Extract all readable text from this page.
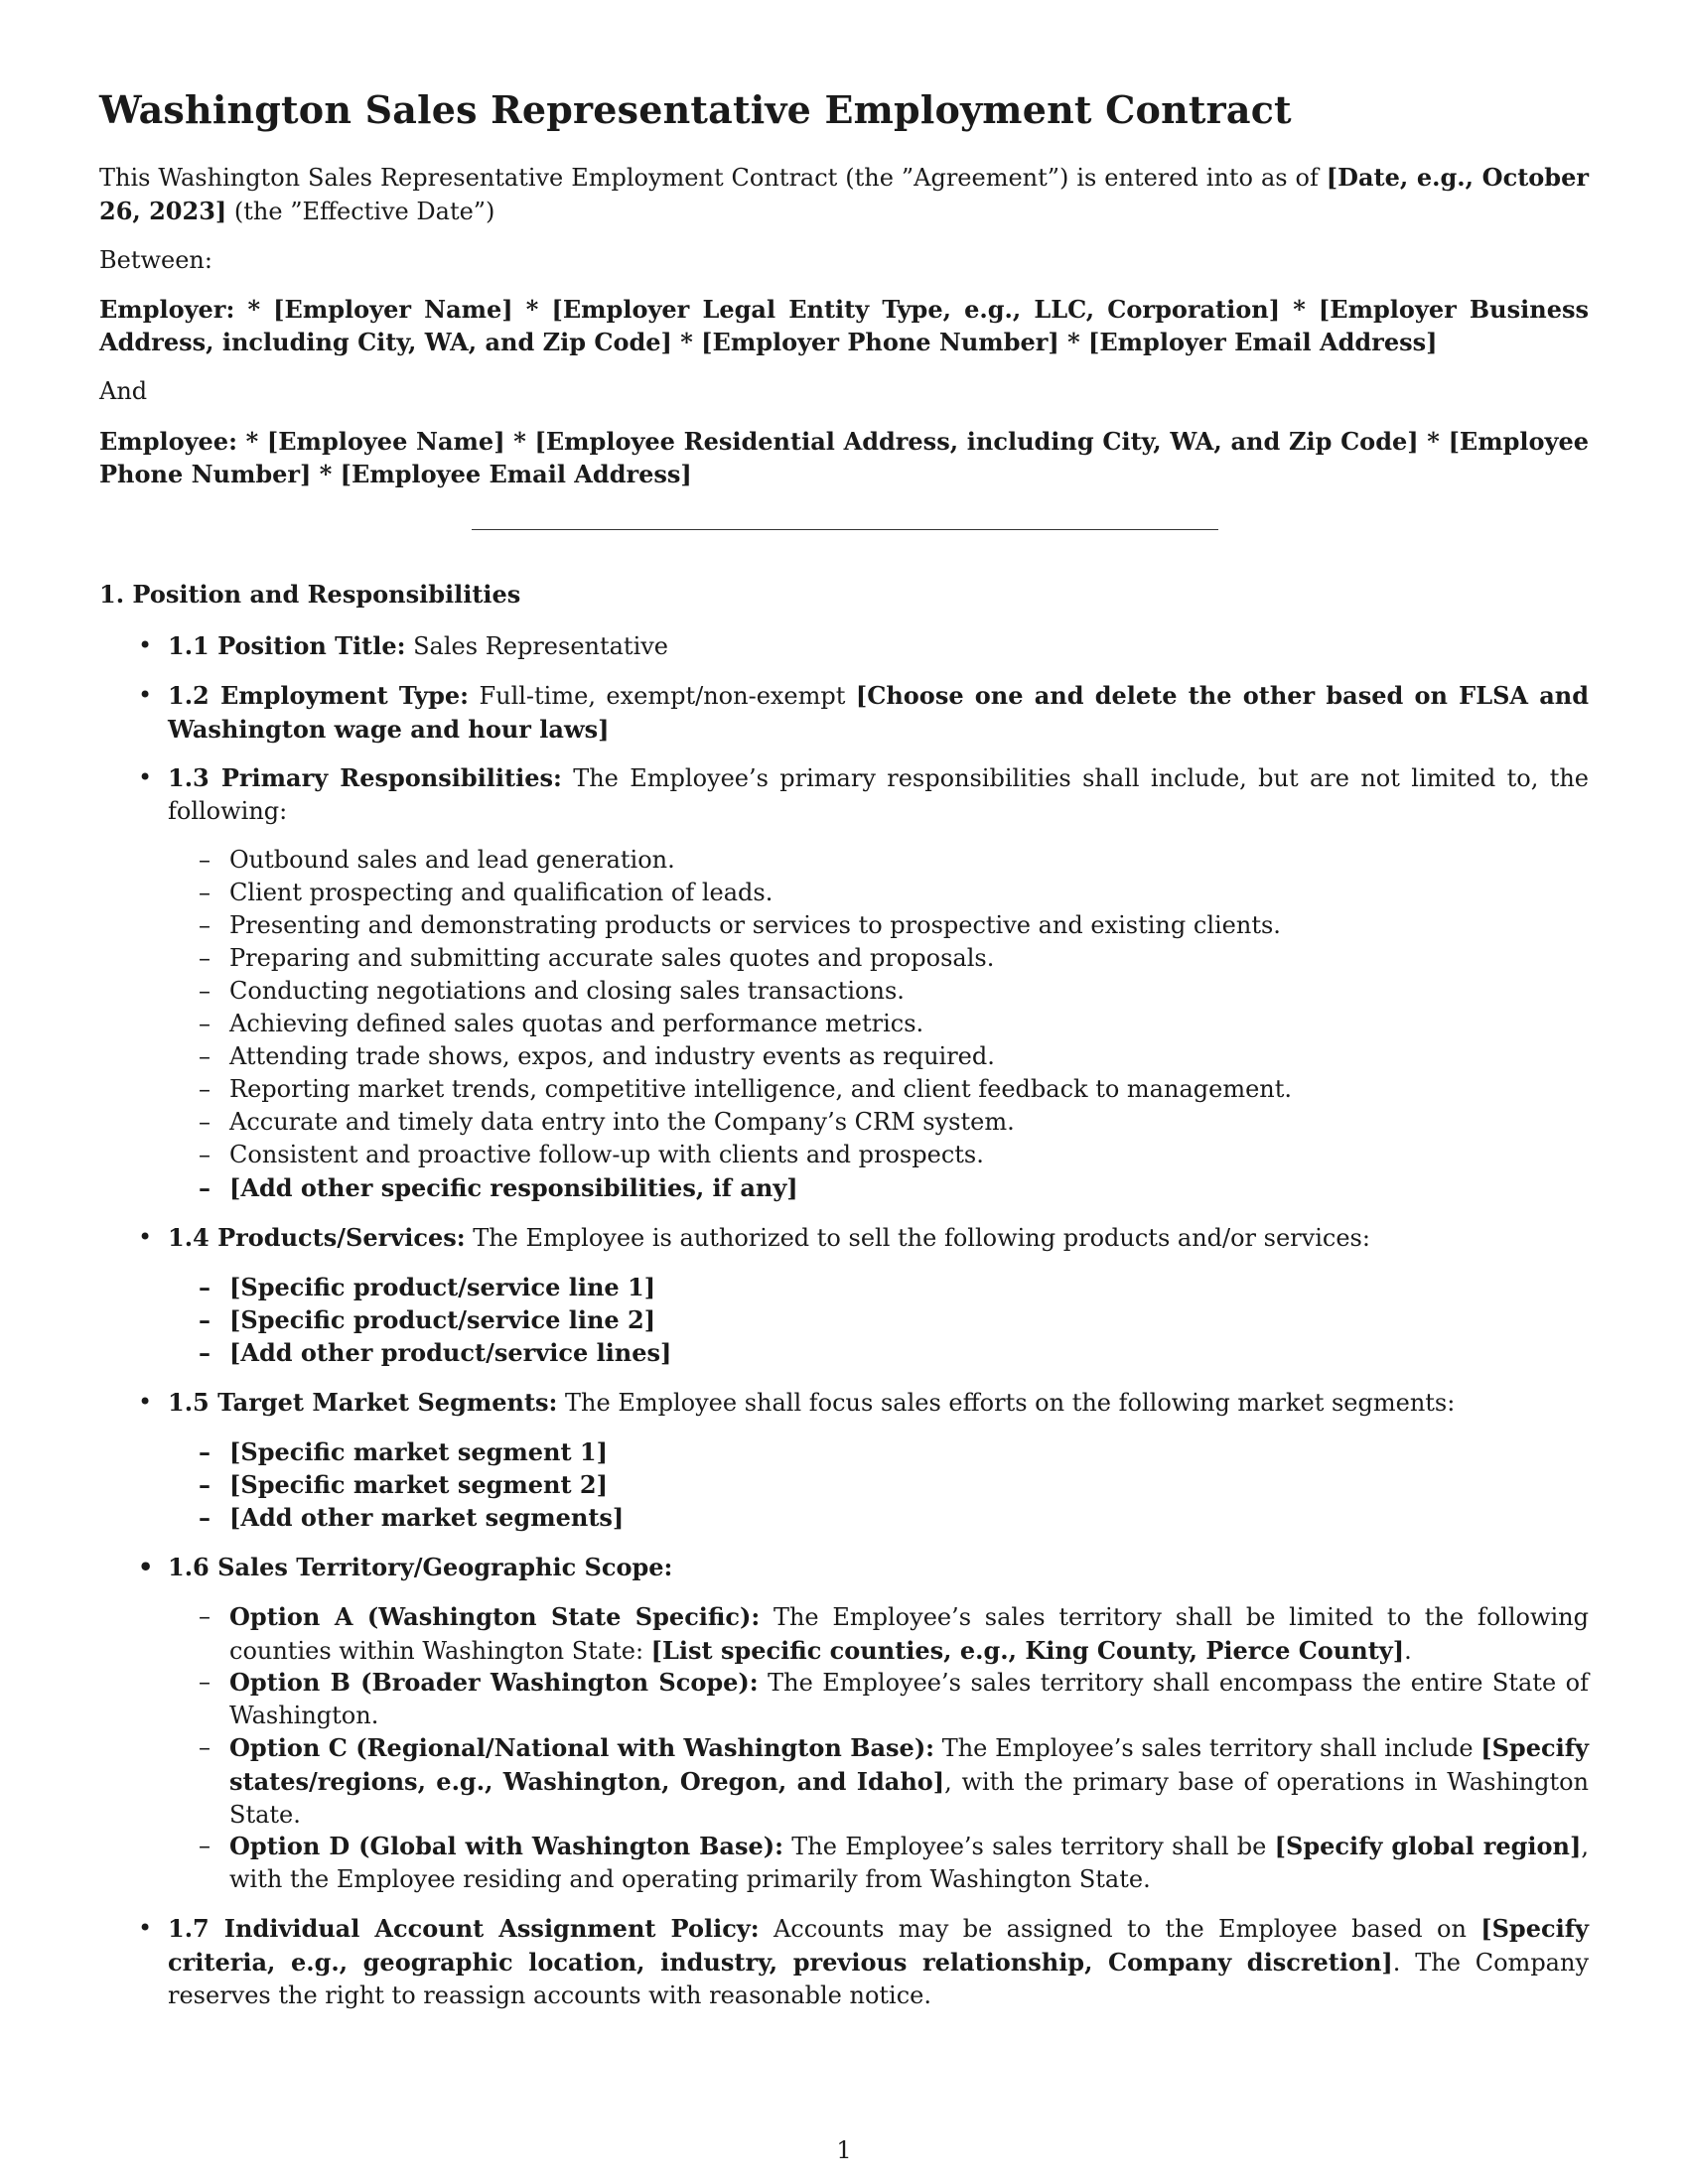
Washington Sales Representative Employment Contract

This Washington Sales Representative Employment Contract (the ”Agreement”) is entered into as of [Date, e.g., October 26, 2023] (the ”Effective Date”)

Between:

Employer: * [Employer Name] * [Employer Legal Entity Type, e.g., LLC, Corporation] * [Employer Business Address, including City, WA, and Zip Code] * [Employer Phone Number] * [Employer Email Address]

And

Employee: * [Employee Name] * [Employee Residential Address, including City, WA, and Zip Code] * [Employee Phone Number] * [Employee Email Address]

1. Position and Responsibilities

• 1.1 Position Title: Sales Representative

• 1.2 Employment Type: Full-time, exempt/non-exempt [Choose one and delete the other based on FLSA and Washington wage and hour laws]

• 1.3 Primary Responsibilities: The Employee’s primary responsibilities shall include, but are not limited to, the following:

– Outbound sales and lead generation.

– Client prospecting and qualification of leads.

– Presenting and demonstrating products or services to prospective and existing clients.

– Preparing and submitting accurate sales quotes and proposals.

– Conducting negotiations and closing sales transactions.

– Achieving defined sales quotas and performance metrics.

– Attending trade shows, expos, and industry events as required.

– Reporting market trends, competitive intelligence, and client feedback to management.

– Accurate and timely data entry into the Company’s CRM system.

– Consistent and proactive follow-up with clients and prospects.

– [Add other specific responsibilities, if any]

• 1.4 Products/Services: The Employee is authorized to sell the following products and/or services:

– [Specific product/service line 1]

– [Specific product/service line 2]

– [Add other product/service lines]

• 1.5 Target Market Segments: The Employee shall focus sales efforts on the following market segments:

– [Specific market segment 1]

– [Specific market segment 2]

– [Add other market segments]

• 1.6 Sales Territory/Geographic Scope:

– Option A (Washington State Specific): The Employee’s sales territory shall be limited to the following counties within Washington State: [List specific counties, e.g., King County, Pierce County].

– Option B (Broader Washington Scope): The Employee’s sales territory shall encompass the entire State of Washington.

– Option C (Regional/National with Washington Base): The Employee’s sales territory shall include [Specify states/regions, e.g., Washington, Oregon, and Idaho], with the primary base of operations in Washington State.

– Option D (Global with Washington Base): The Employee’s sales territory shall be [Specify global region], with the Employee residing and operating primarily from Washington State.

• 1.7 Individual Account Assignment Policy: Accounts may be assigned to the Employee based on [Specify criteria, e.g., geographic location, industry, previous relationship, Company discretion]. The Company reserves the right to reassign accounts with reasonable notice.

1
